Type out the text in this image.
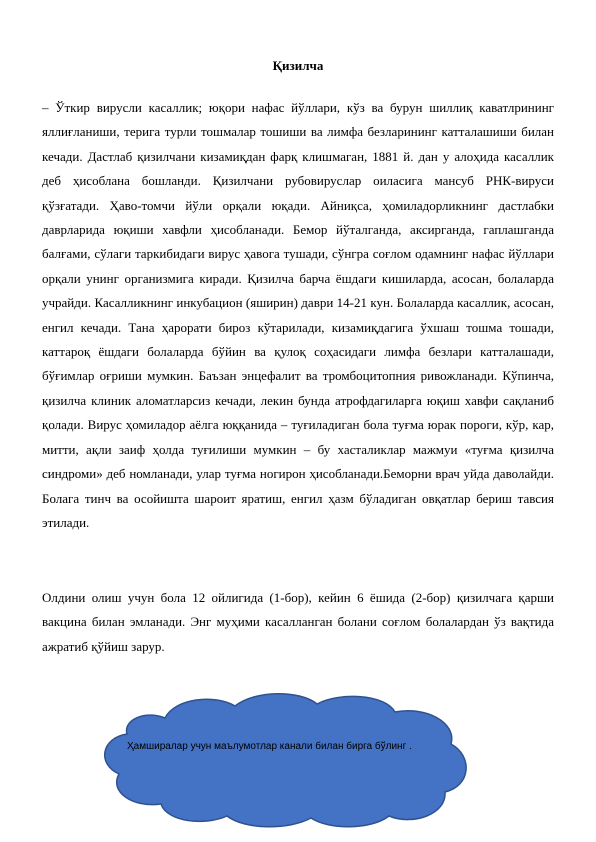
Қизилча

– Ўткир вирусли касаллик; юқори нафас йўллари, кўз ва бурун шиллиқ каватлрининг яллиғланиши, терига турли тошмалар тошиши ва лимфа безларининг катталашиши билан кечади. Дастлаб қизилчани кизамиқдан фарқ клишмаган, 1881 й. дан у алоҳида касаллик деб ҳисоблана бошланди. Қизилчани рубовируслар оиласига мансуб РНК-вируси қўзғатади. Ҳаво-томчи йўли орқали юқади. Айниқса, ҳомиладорликнинг дастлабки даврларида юқиши хавфли ҳисобланади. Бемор йўталганда, аксирганда, гаплашганда балғами, сўлаги таркибидаги вирус ҳавога тушади, сўнгра соғлом одамнинг нафас йўллари орқали унинг организмига киради. Қизилча барча ёшдаги кишиларда, асосан, болаларда учрайди. Касалликнинг инкубацион (яширин) даври 14-21 кун. Болаларда касаллик, асосан, енгил кечади. Тана ҳарорати бироз кўтарилади, кизамиқдагига ўхшаш тошма тошади, каттароқ ёшдаги болаларда бўйин ва қулоқ соҳасидаги лимфа безлари катталашади, бўғимлар оғриши мумкин. Баъзан энцефалит ва тромбоцитопния ривожланади. Кўпинча, қизилча клиник аломатларсиз кечади, лекин бунда атрофдагиларга юқиш хавфи сақланиб қолади. Вирус ҳомиладор аёлга юққанида – туғиладиган бола туғма юрак пороги, кўр, кар, митти, ақли заиф ҳолда туғилиши мумкин – бу хасталиклар мажмуи «туғма қизилча синдроми» деб номланади, улар туғма ногирон ҳисобланади.Беморни врач уйда даволайди. Болага тинч ва осойишта шароит яратиш, енгил ҳазм бўладиган овқатлар бериш тавсия этилади.

Олдини олиш учун бола 12 ойлигида (1-бор), кейин 6 ёшида (2-бор) қизилчага қарши вакцина билан эмланади. Энг муҳими касалланган болани соғлом болалардан ўз вақтида ажратиб қўйиш зарур.

Ҳамширалар учун маълумотлар канали билан бирга бўлинг .
